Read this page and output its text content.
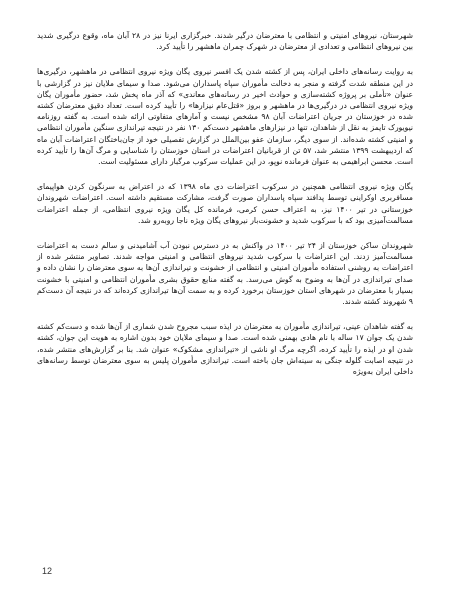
شهرستان، نیروهای امنیتی و انتظامی با معترضان درگیر شدند. خبرگزاری ایرنا نیز در ۲۸ آبان ماه، وقوع درگیری شدید بین نیروهای انتظامی و تعدادی از معترضان در شهرک چمران ماهشهر را تأیید کرد.

به روایت رسانه‌های داخلی ایران، پس از کشته شدن یک افسر نیروی یگان ویژه نیروی انتظامی در ماهشهر، درگیری‌ها در این منطقه شدت گرفته و منجر به دخالت مأموران سپاه پاسداران می‌شود. صدا و سیمای ملایان نیز در گزارشی با عنوان «تأملی بر پروژه کشته‌سازی و حوادث اخیر در رسانه‌های معاندی» که آذر ماه پخش شد، حضور مأموران یگان ویژه نیروی انتظامی در درگیری‌ها در ماهشهر و بروز «قتل‌عام نیزارها» را تأیید کرده است. تعداد دقیق معترضان کشته شده در خوزستان در جریان اعتراضات آبان ۹۸ مشخص نیست و آمارهای متفاوتی ارائه شده است. به گفته روزنامه نیویورک تایمز به نقل از شاهدان، تنها در نیزارهای ماهشهر دست‌کم ۱۳۰ نفر در نتیجه تیراندازی سنگین مأموران انتظامی و امنیتی کشته شده‌اند. از سوی دیگر، سازمان عفو بین‌الملل در گزارش تفصیلی خود از جان‌باختگان اعتراضات آبان ماه که اردیبهشت ۱۳۹۹ منتشر شد، ۵۷ تن از قربانیان اعتراضات در استان خوزستان را شناسایی و مرگ آن‌ها را تأیید کرده است. محسن ابراهیمی به عنوان فرمانده نوپو، در این عملیات سرکوب مرگبار دارای مسئولیت است.

یگان ویژه نیروی انتظامی همچنین در سرکوب اعتراضات دی ماه ۱۳۹۸ که در اعتراض به سرنگون کردن هواپیمای مسافربری اوکراینی توسط پدافند سپاه پاسداران صورت گرفت، مشارکت مستقیم داشته است. اعتراضات شهروندان خوزستانی در تیر ۱۴۰۰ نیز، به اعتراف حسن کرمی، فرمانده کل یگان ویژه نیروی انتظامی، از جمله اعتراضات مسالمت‌آمیزی بود که با سرکوب شدید و خشونت‌بار نیروهای یگان ویژه ناجا روبه‌رو شد.

شهروندان ساکن خوزستان از ۲۴ تیر ۱۴۰۰ در واکنش به در دسترس نبودن آب آشامیدنی و سالم دست به اعتراضات مسالمت‌آمیز زدند. این اعتراضات با سرکوب شدید نیروهای انتظامی و امنیتی مواجه شدند. تصاویر منتشر شده از اعتراضات به روشنی استفاده مأموران امنیتی و انتظامی از خشونت و تیراندازی آن‌ها به سوی معترضان را نشان داده و صدای تیراندازی در آن‌ها به وضوح به گوش می‌رسد. به گفته منابع حقوق بشری مأموران انتظامی و امنیتی با خشونت بسیار با معترضان در شهرهای استان خوزستان برخورد کرده و به سمت آن‌ها تیراندازی کرده‌اند که در نتیجه آن دست‌کم ۹ شهروند کشته شدند.

به گفته شاهدان عینی، تیراندازی مأموران به معترضان در ایذه سبب مجروح شدن شماری از آن‌ها شده و دست‌کم کشته شدن یک جوان ۱۷ ساله با نام هادی بهمنی شده است. صدا و سیمای ملایان خود بدون اشاره به هویت این جوان، کشته شدن او در ایذه را تأیید کرده، اگرچه مرگ او ناشی از «تیراندازی مشکوک» عنوان شد. بنا بر گزارش‌های منتشر شده، در نتیجه اصابت گلوله جنگی به سینه‌اش جان باخته است. تیراندازی مأموران پلیس به سوی معترضان توسط رسانه‌های داخلی ایران به‌ویژه

12
